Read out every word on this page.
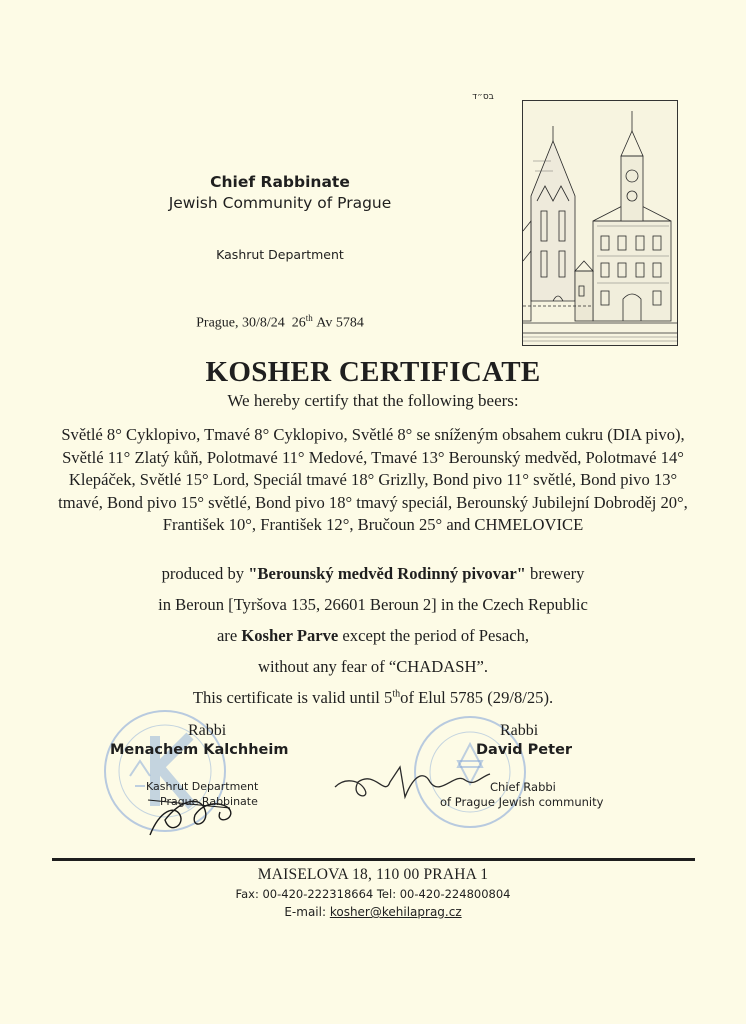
בס״ד
Chief Rabbinate
Jewish Community of Prague
Kashrut Department
Prague, 30/8/24 26th Av 5784
KOSHER CERTIFICATE
We hereby certify that the following beers:
Světlé 8° Cyklopivo, Tmavé 8° Cyklopivo, Světlé 8° se sníženým obsahem cukru (DIA pivo), Světlé 11° Zlatý kůň, Polotmavé 11° Medové, Tmavé 13° Berounský medvěd, Polotmavé 14° Klepáček, Světlé 15° Lord, Speciál tmavé 18° Grizlly, Bond pivo 11° světlé, Bond pivo 13° tmavé, Bond pivo 15° světlé, Bond pivo 18° tmavý speciál, Berounský Jubilejní Dobroděj 20°, František 10°, František 12°, Bručoun 25° and CHMELOVICE
produced by "Berounský medvěd Rodinný pivovar" brewery
in Beroun [Tyršova 135, 26601 Beroun 2] in the Czech Republic
are Kosher Parve except the period of Pesach,
without any fear of “CHADASH”.
This certificate is valid until 5thof Elul 5785 (29/8/25).
Rabbi
Menachem Kalchheim
Kashrut Department
Prague Rabbinate
Rabbi
David Peter
Chief Rabbi
of Prague Jewish community
MAISELOVA 18, 110 00 PRAHA 1
Fax: 00-420-222318664 Tel: 00-420-224800804
E-mail: kosher@kehilaprag.cz
